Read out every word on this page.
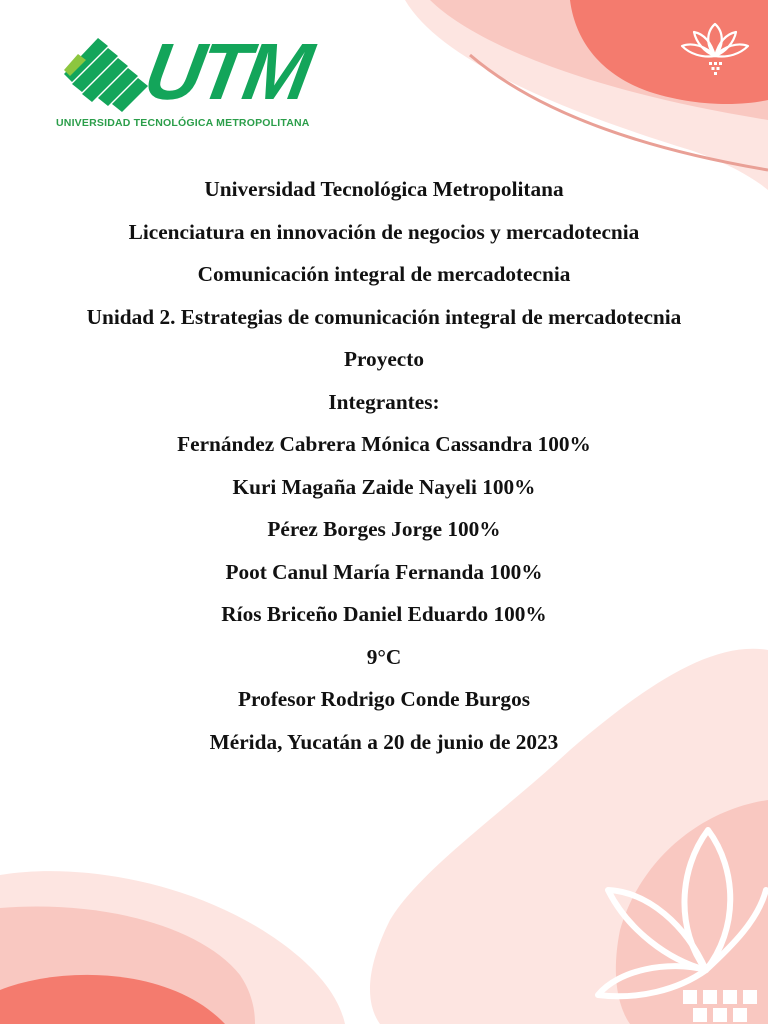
UTM
UNIVERSIDAD TECNOLÓGICA METROPOLITANA

Universidad Tecnológica Metropolitana

Licenciatura en innovación de negocios y mercadotecnia

Comunicación integral de mercadotecnia

Unidad 2. Estrategias de comunicación integral de mercadotecnia

Proyecto

Integrantes:

Fernández Cabrera Mónica Cassandra 100%

Kuri Magaña Zaide Nayeli 100%

Pérez Borges Jorge 100%

Poot Canul María Fernanda 100%

Ríos Briceño Daniel Eduardo 100%

9°C

Profesor Rodrigo Conde Burgos

Mérida, Yucatán a 20 de junio de 2023
